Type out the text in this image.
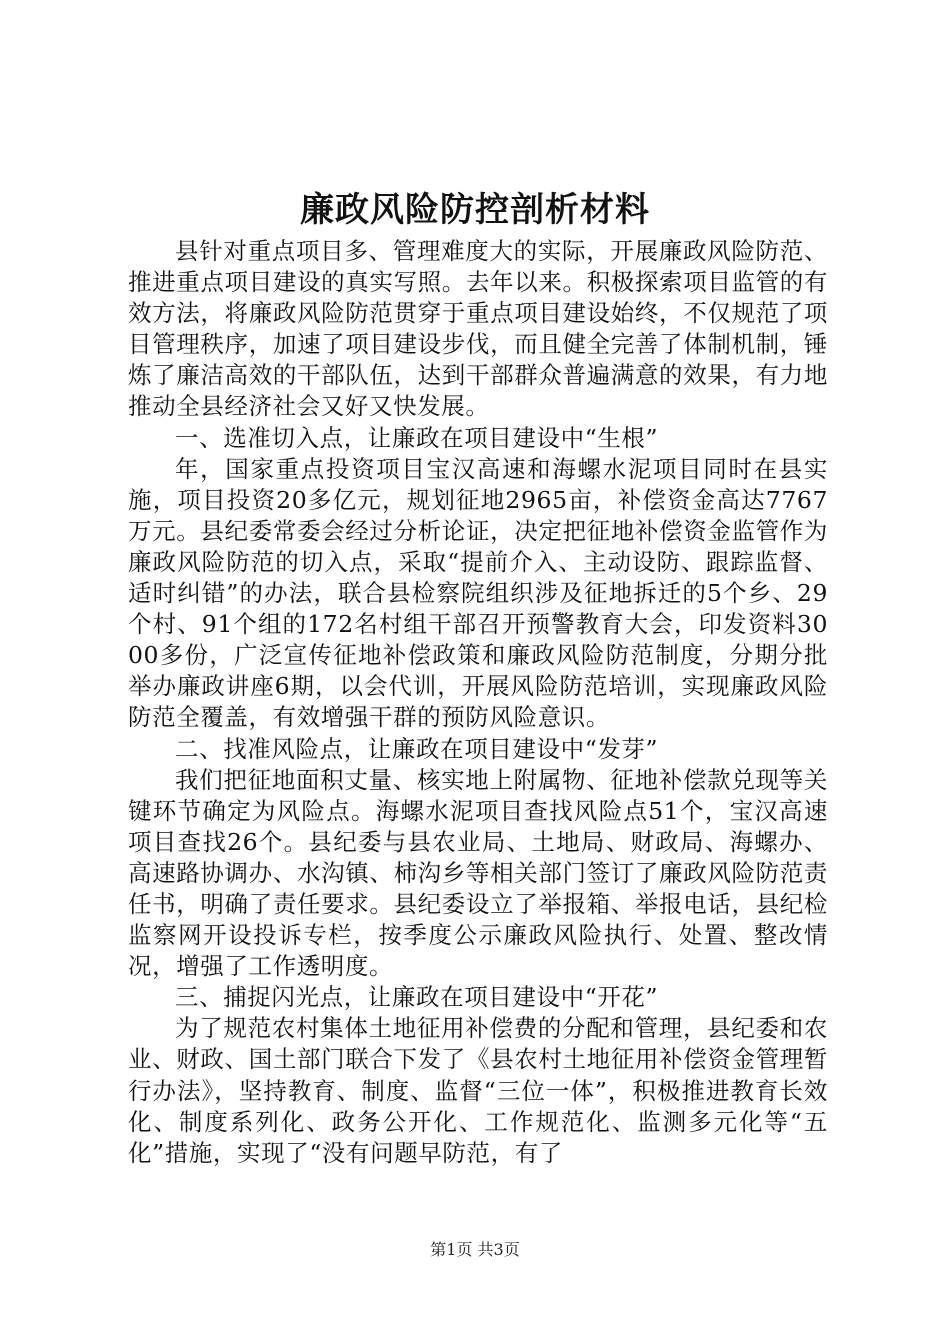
廉政风险防控剖析材料

县针对重点项目多、管理难度大的实际，开展廉政风险防范、推进重点项目建设的真实写照。去年以来。积极探索项目监管的有效方法，将廉政风险防范贯穿于重点项目建设始终，不仅规范了项目管理秩序，加速了项目建设步伐，而且健全完善了体制机制，锤炼了廉洁高效的干部队伍，达到干部群众普遍满意的效果，有力地推动全县经济社会又好又快发展。

一、选准切入点，让廉政在项目建设中“生根”

年，国家重点投资项目宝汉高速和海螺水泥项目同时在县实施，项目投资20多亿元，规划征地2965亩，补偿资金高达7767万元。县纪委常委会经过分析论证，决定把征地补偿资金监管作为廉政风险防范的切入点，采取“提前介入、主动设防、跟踪监督、适时纠错”的办法，联合县检察院组织涉及征地拆迁的5个乡、29个村、91个组的172名村组干部召开预警教育大会，印发资料3000多份，广泛宣传征地补偿政策和廉政风险防范制度，分期分批举办廉政讲座6期，以会代训，开展风险防范培训，实现廉政风险防范全覆盖，有效增强干群的预防风险意识。

二、找准风险点，让廉政在项目建设中“发芽”

我们把征地面积丈量、核实地上附属物、征地补偿款兑现等关键环节确定为风险点。海螺水泥项目查找风险点51个，宝汉高速项目查找26个。县纪委与县农业局、土地局、财政局、海螺办、高速路协调办、水沟镇、柿沟乡等相关部门签订了廉政风险防范责任书，明确了责任要求。县纪委设立了举报箱、举报电话，县纪检监察网开设投诉专栏，按季度公示廉政风险执行、处置、整改情况，增强了工作透明度。

三、捕捉闪光点，让廉政在项目建设中“开花”

为了规范农村集体土地征用补偿费的分配和管理，县纪委和农业、财政、国土部门联合下发了《县农村土地征用补偿资金管理暂行办法》，坚持教育、制度、监督“三位一体”，积极推进教育长效化、制度系列化、政务公开化、工作规范化、监测多元化等“五化”措施，实现了“没有问题早防范，有了

第1页 共3页
